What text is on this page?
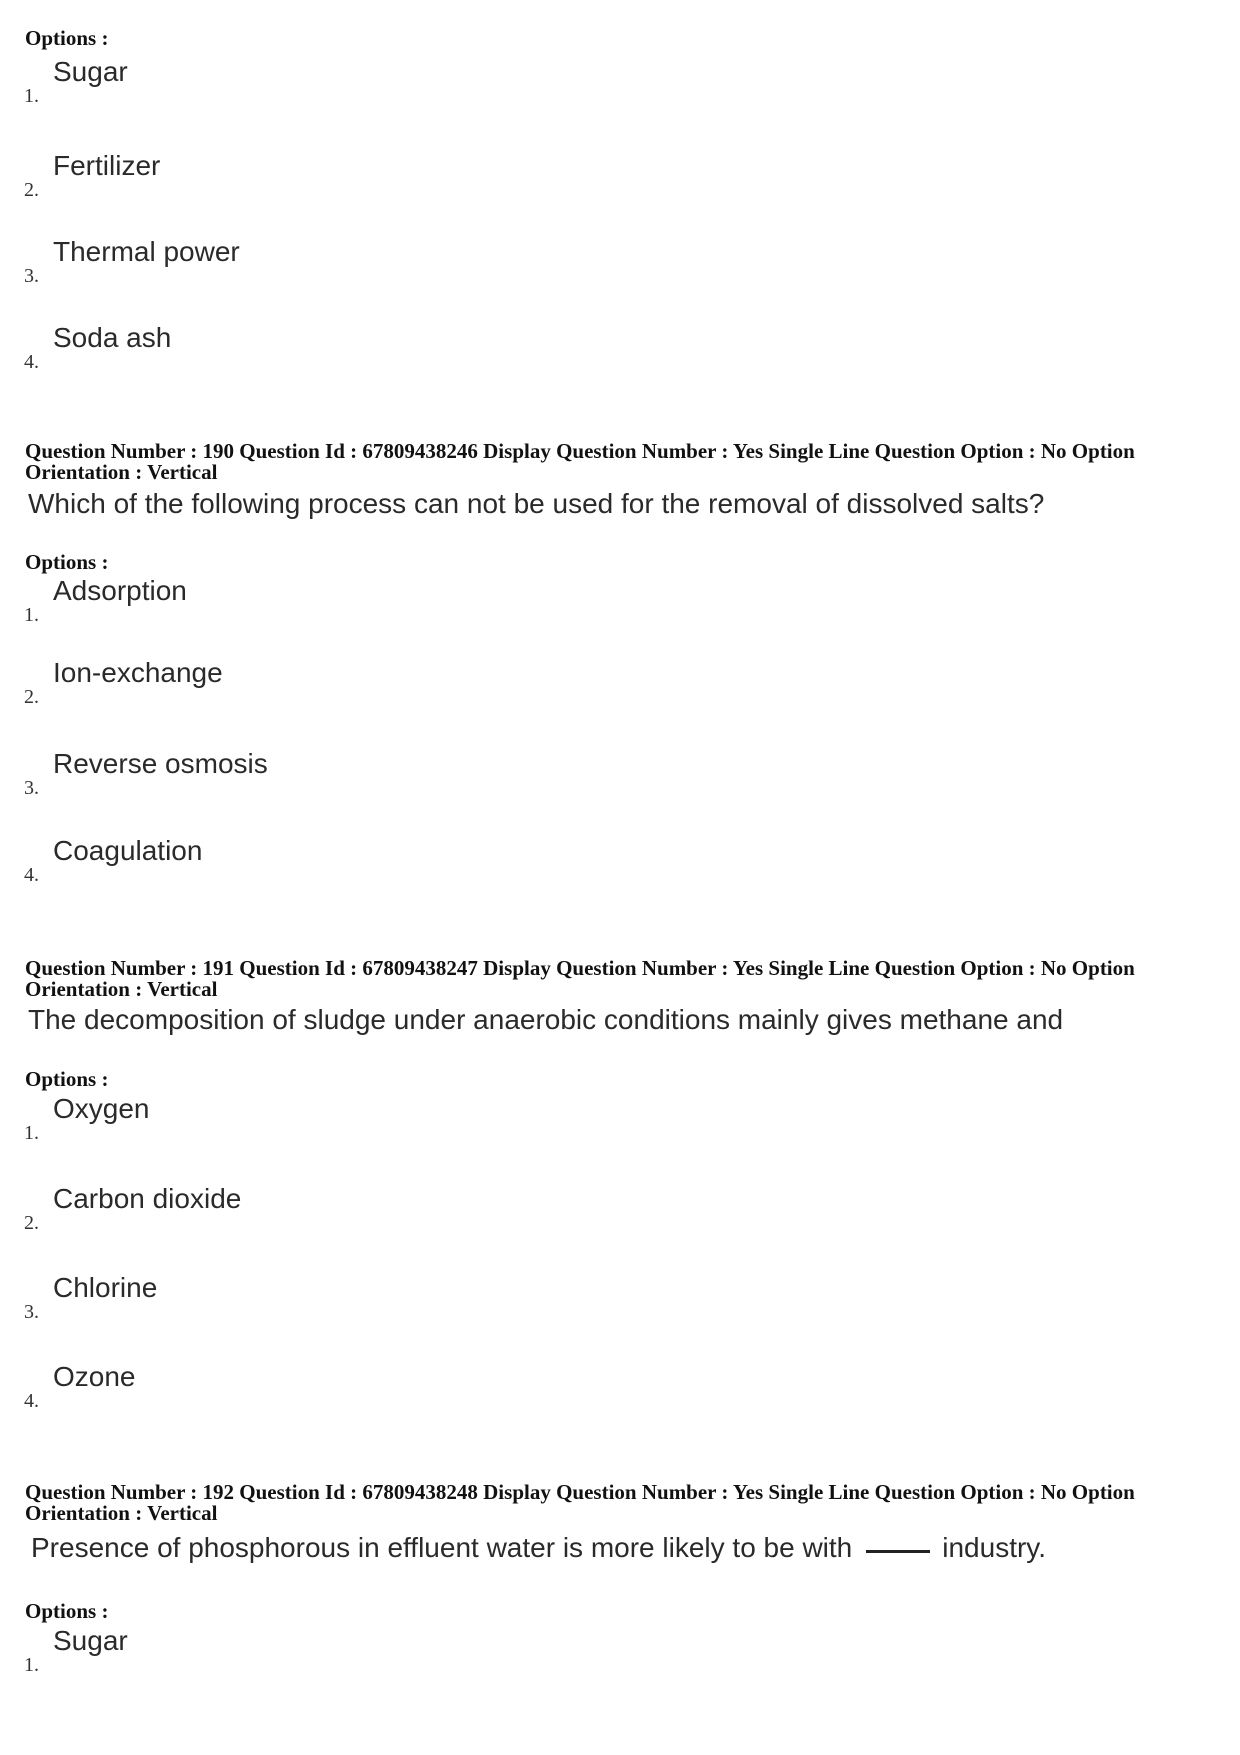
Options :
1.
Sugar
2.
Fertilizer
3.
Thermal power
4.
Soda ash
Question Number : 190 Question Id : 67809438246 Display Question Number : Yes Single Line Question Option : No Option
Orientation : Vertical
Which of the following process can not be used for the removal of dissolved salts?
Options :
1.
Adsorption
2.
Ion-exchange
3.
Reverse osmosis
4.
Coagulation
Question Number : 191 Question Id : 67809438247 Display Question Number : Yes Single Line Question Option : No Option
Orientation : Vertical
The decomposition of sludge under anaerobic conditions mainly gives methane and
Options :
1.
Oxygen
2.
Carbon dioxide
3.
Chlorine
4.
Ozone
Question Number : 192 Question Id : 67809438248 Display Question Number : Yes Single Line Question Option : No Option
Orientation : Vertical
Presence of phosphorous in effluent water is more likely to be with	industry.
Options :
1.
Sugar
